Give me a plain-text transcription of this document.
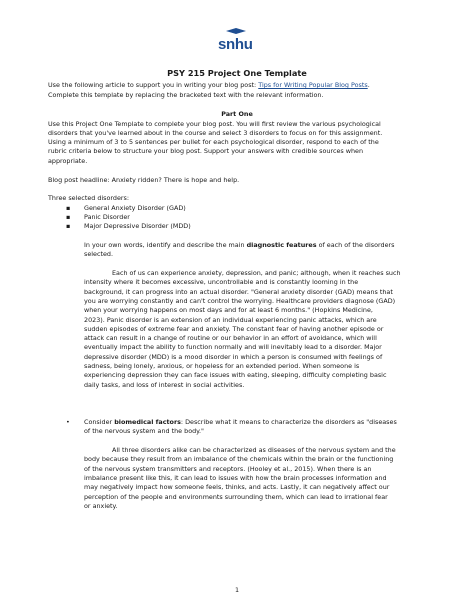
snhu
PSY 215 Project One Template
Use the following article to support you in writing your blog post: Tips for Writing Popular Blog Posts.
Complete this template by replacing the bracketed text with the relevant information.
Part One
Use this Project One Template to complete your blog post. You will first review the various psychological
disorders that you've learned about in the course and select 3 disorders to focus on for this assignment.
Using a minimum of 3 to 5 sentences per bullet for each psychological disorder, respond to each of the
rubric criteria below to structure your blog post. Support your answers with credible sources when
appropriate.
Blog post headline: Anxiety ridden? There is hope and help.
Three selected disorders:
▪ General Anxiety Disorder (GAD)
▪ Panic Disorder
▪ Major Depressive Disorder (MDD)
In your own words, identify and describe the main diagnostic features of each of the disorders
selected.
Each of us can experience anxiety, depression, and panic; although, when it reaches such
intensity where it becomes excessive, uncontrollable and is constantly looming in the
background, it can progress into an actual disorder. "General anxiety disorder (GAD) means that
you are worrying constantly and can't control the worrying. Healthcare providers diagnose (GAD)
when your worrying happens on most days and for at least 6 months." (Hopkins Medicine,
2023). Panic disorder is an extension of an individual experiencing panic attacks, which are
sudden episodes of extreme fear and anxiety. The constant fear of having another episode or
attack can result in a change of routine or our behavior in an effort of avoidance, which will
eventually impact the ability to function normally and will inevitably lead to a disorder. Major
depressive disorder (MDD) is a mood disorder in which a person is consumed with feelings of
sadness, being lonely, anxious, or hopeless for an extended period. When someone is
experiencing depression they can face issues with eating, sleeping, difficulty completing basic
daily tasks, and loss of interest in social activities.
• Consider biomedical factors: Describe what it means to characterize the disorders as "diseases
of the nervous system and the body."
All three disorders alike can be characterized as diseases of the nervous system and the
body because they result from an imbalance of the chemicals within the brain or the functioning
of the nervous system transmitters and receptors. (Hooley et al., 2015). When there is an
imbalance present like this, it can lead to issues with how the brain processes information and
may negatively impact how someone feels, thinks, and acts. Lastly, it can negatively affect our
perception of the people and environments surrounding them, which can lead to irrational fear
or anxiety.
1
